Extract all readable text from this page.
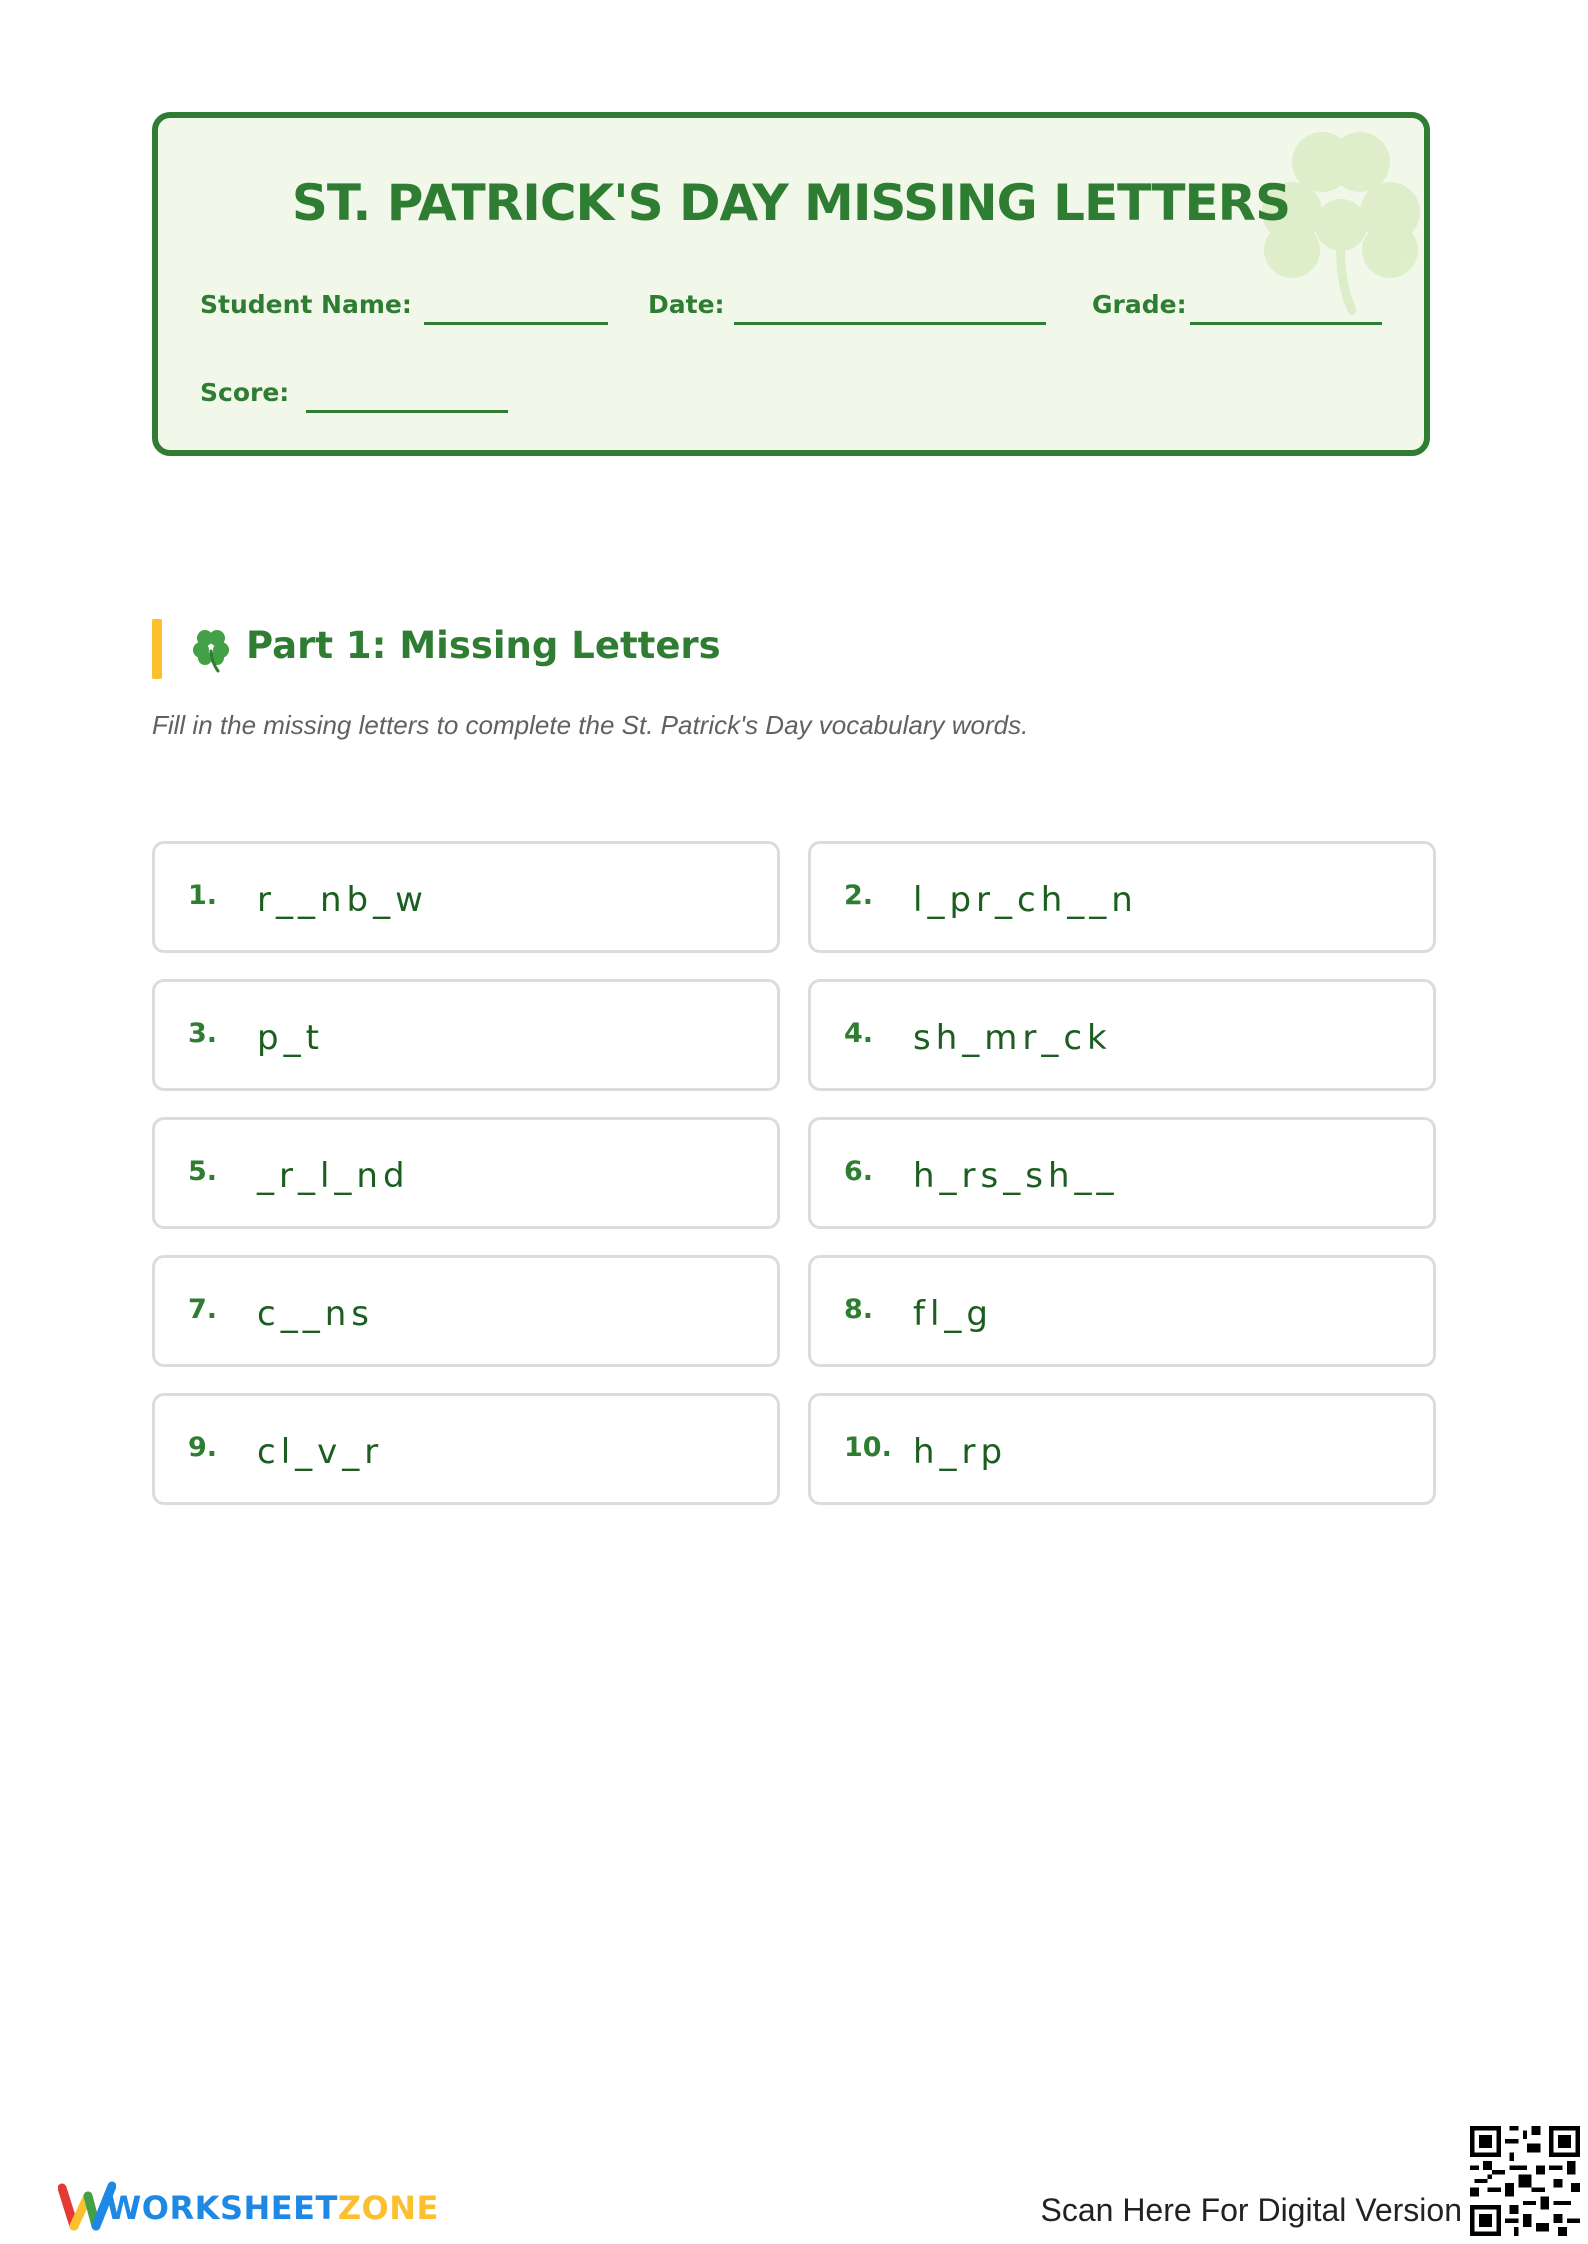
ST. PATRICK'S DAY MISSING LETTERS
Student Name:	Date:	Grade:
Score:
Part 1: Missing Letters
Fill in the missing letters to complete the St. Patrick's Day vocabulary words.
1. r__nb_w	2. l_pr_ch__n
3. p_t	4. sh_mr_ck
5. _r_l_nd	6. h_rs_sh__
7. c__ns	8. fl_g
9. cl_v_r	10. h_rp
WORKSHEETZONE	Scan Here For Digital Version
